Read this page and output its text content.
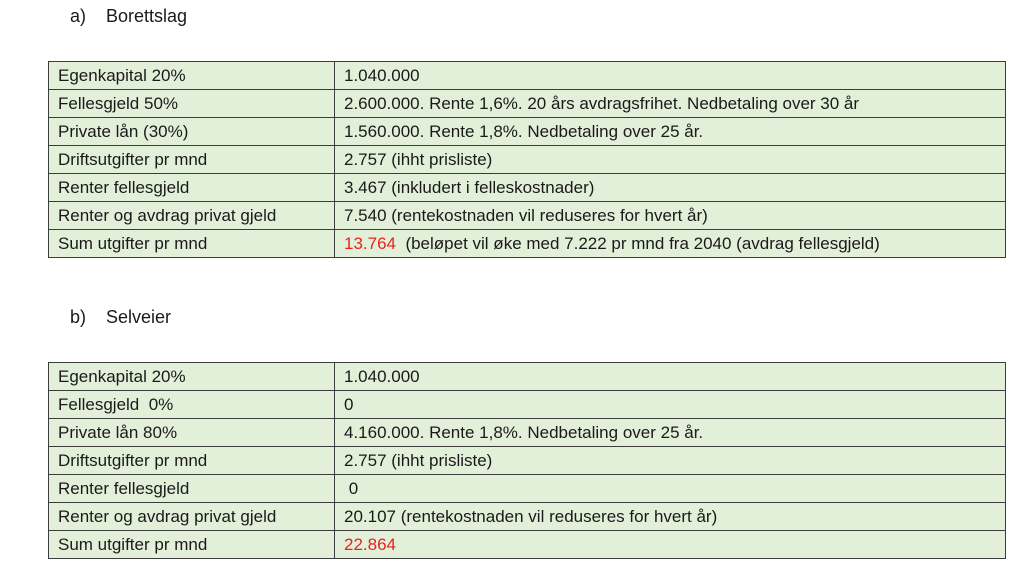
a) Borettslag
Egenkapital 20%	1.040.000
Fellesgjeld 50%	2.600.000. Rente 1,6%. 20 års avdragsfrihet. Nedbetaling over 30 år
Private lån (30%)	1.560.000. Rente 1,8%. Nedbetaling over 25 år.
Driftsutgifter pr mnd	2.757 (ihht prisliste)
Renter fellesgjeld	3.467 (inkludert i felleskostnader)
Renter og avdrag privat gjeld	7.540 (rentekostnaden vil reduseres for hvert år)
Sum utgifter pr mnd	13.764  (beløpet vil øke med 7.222 pr mnd fra 2040 (avdrag fellesgjeld)
b) Selveier
Egenkapital 20%	1.040.000
Fellesgjeld  0%	0
Private lån 80%	4.160.000. Rente 1,8%. Nedbetaling over 25 år.
Driftsutgifter pr mnd	2.757 (ihht prisliste)
Renter fellesgjeld	0
Renter og avdrag privat gjeld	20.107 (rentekostnaden vil reduseres for hvert år)
Sum utgifter pr mnd	22.864
